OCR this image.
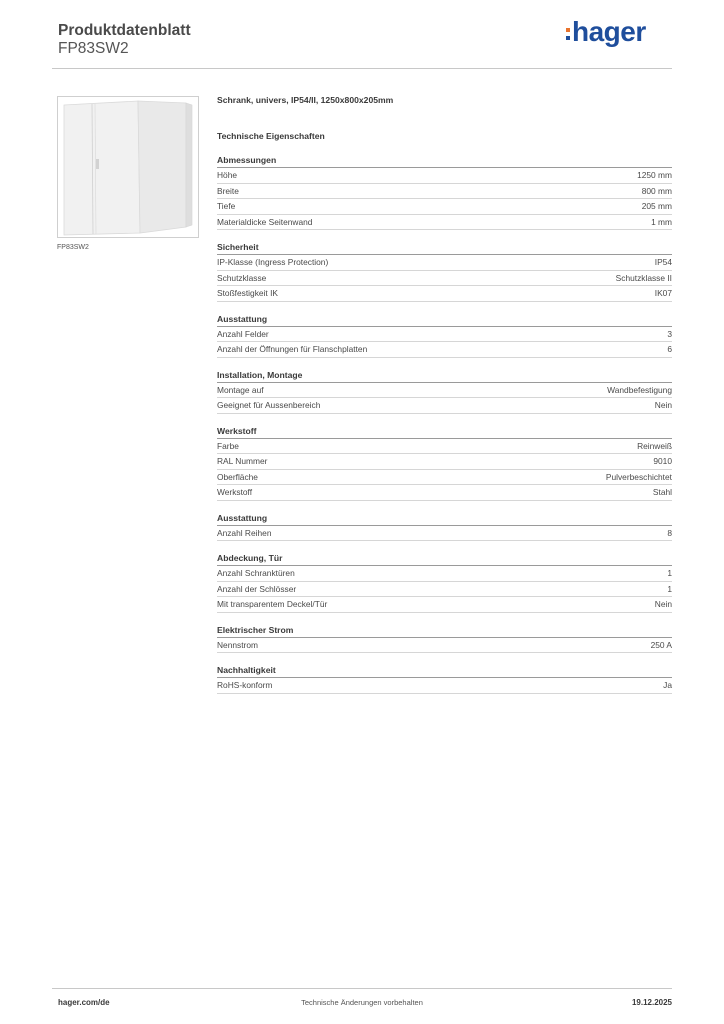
Produktdatenblatt
FP83SW2
hager
FP83SW2
Schrank, univers, IP54/II, 1250x800x205mm
Technische Eigenschaften
Abmessungen
Höhe	1250 mm
Breite	800 mm
Tiefe	205 mm
Materialdicke Seitenwand	1 mm
Sicherheit
IP-Klasse (Ingress Protection)	IP54
Schutzklasse	Schutzklasse II
Stoßfestigkeit IK	IK07
Ausstattung
Anzahl Felder	3
Anzahl der Öffnungen für Flanschplatten	6
Installation, Montage
Montage auf	Wandbefestigung
Geeignet für Aussenbereich	Nein
Werkstoff
Farbe	Reinweiß
RAL Nummer	9010
Oberfläche	Pulverbeschichtet
Werkstoff	Stahl
Ausstattung
Anzahl Reihen	8
Abdeckung, Tür
Anzahl Schranktüren	1
Anzahl der Schlösser	1
Mit transparentem Deckel/Tür	Nein
Elektrischer Strom
Nennstrom	250 A
Nachhaltigkeit
RoHS-konform	Ja
hager.com/de	Technische Änderungen vorbehalten	19.12.2025
